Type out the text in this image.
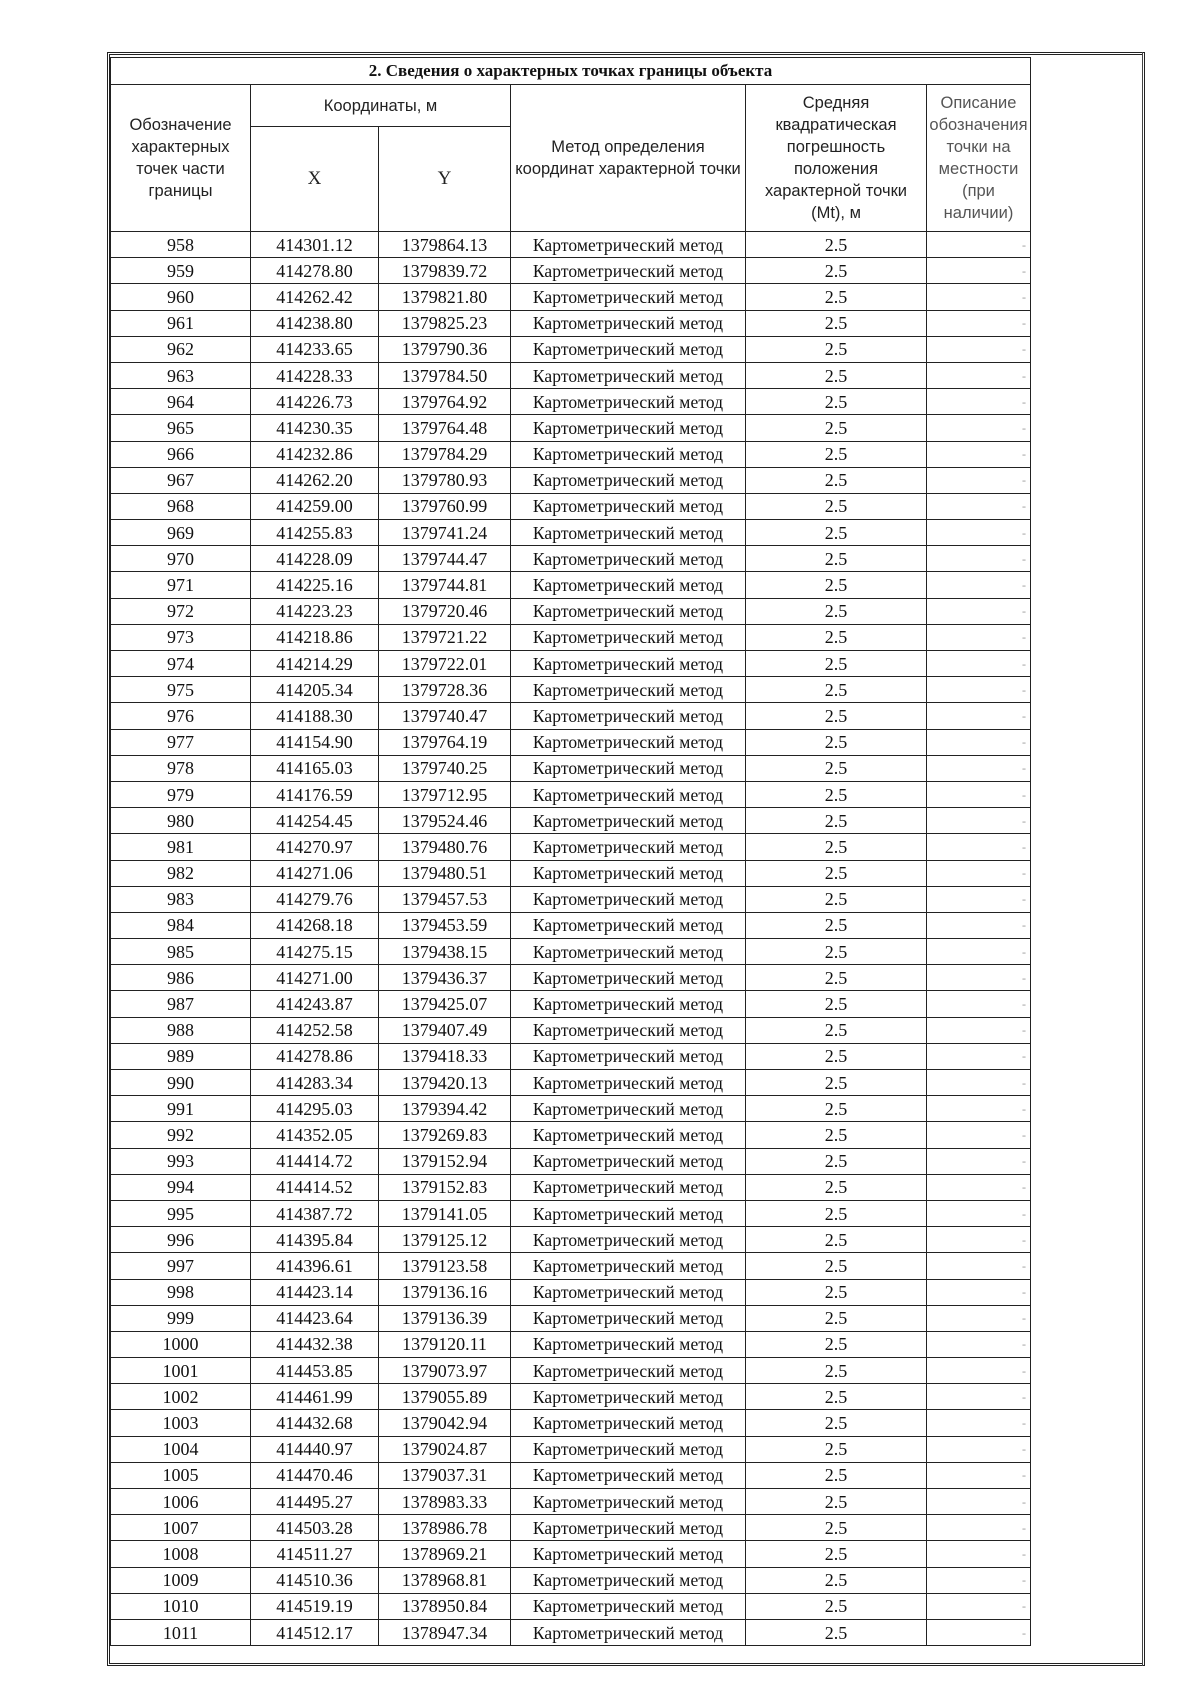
2. Сведения о характерных точках границы объекта					
Обозначение характерных точек части границы	Координаты, м		Метод определения координат характерной точки	Средняя квадратическая погрешность положения характерной точки (Mt), м	Описание обозначения точки на местности (при наличии)
	X	Y			
958	414301.12	1379864.13	Картометрический метод	2.5	-
959	414278.80	1379839.72	Картометрический метод	2.5	-
960	414262.42	1379821.80	Картометрический метод	2.5	-
961	414238.80	1379825.23	Картометрический метод	2.5	-
962	414233.65	1379790.36	Картометрический метод	2.5	-
963	414228.33	1379784.50	Картометрический метод	2.5	-
964	414226.73	1379764.92	Картометрический метод	2.5	-
965	414230.35	1379764.48	Картометрический метод	2.5	-
966	414232.86	1379784.29	Картометрический метод	2.5	-
967	414262.20	1379780.93	Картометрический метод	2.5	-
968	414259.00	1379760.99	Картометрический метод	2.5	-
969	414255.83	1379741.24	Картометрический метод	2.5	-
970	414228.09	1379744.47	Картометрический метод	2.5	-
971	414225.16	1379744.81	Картометрический метод	2.5	-
972	414223.23	1379720.46	Картометрический метод	2.5	-
973	414218.86	1379721.22	Картометрический метод	2.5	-
974	414214.29	1379722.01	Картометрический метод	2.5	-
975	414205.34	1379728.36	Картометрический метод	2.5	-
976	414188.30	1379740.47	Картометрический метод	2.5	-
977	414154.90	1379764.19	Картометрический метод	2.5	-
978	414165.03	1379740.25	Картометрический метод	2.5	-
979	414176.59	1379712.95	Картометрический метод	2.5	-
980	414254.45	1379524.46	Картометрический метод	2.5	-
981	414270.97	1379480.76	Картометрический метод	2.5	-
982	414271.06	1379480.51	Картометрический метод	2.5	-
983	414279.76	1379457.53	Картометрический метод	2.5	-
984	414268.18	1379453.59	Картометрический метод	2.5	-
985	414275.15	1379438.15	Картометрический метод	2.5	-
986	414271.00	1379436.37	Картометрический метод	2.5	-
987	414243.87	1379425.07	Картометрический метод	2.5	-
988	414252.58	1379407.49	Картометрический метод	2.5	-
989	414278.86	1379418.33	Картометрический метод	2.5	-
990	414283.34	1379420.13	Картометрический метод	2.5	-
991	414295.03	1379394.42	Картометрический метод	2.5	-
992	414352.05	1379269.83	Картометрический метод	2.5	-
993	414414.72	1379152.94	Картометрический метод	2.5	-
994	414414.52	1379152.83	Картометрический метод	2.5	-
995	414387.72	1379141.05	Картометрический метод	2.5	-
996	414395.84	1379125.12	Картометрический метод	2.5	-
997	414396.61	1379123.58	Картометрический метод	2.5	-
998	414423.14	1379136.16	Картометрический метод	2.5	-
999	414423.64	1379136.39	Картометрический метод	2.5	-
1000	414432.38	1379120.11	Картометрический метод	2.5	-
1001	414453.85	1379073.97	Картометрический метод	2.5	-
1002	414461.99	1379055.89	Картометрический метод	2.5	-
1003	414432.68	1379042.94	Картометрический метод	2.5	-
1004	414440.97	1379024.87	Картометрический метод	2.5	-
1005	414470.46	1379037.31	Картометрический метод	2.5	-
1006	414495.27	1378983.33	Картометрический метод	2.5	-
1007	414503.28	1378986.78	Картометрический метод	2.5	-
1008	414511.27	1378969.21	Картометрический метод	2.5	-
1009	414510.36	1378968.81	Картометрический метод	2.5	-
1010	414519.19	1378950.84	Картометрический метод	2.5	-
1011	414512.17	1378947.34	Картометрический метод	2.5	-
